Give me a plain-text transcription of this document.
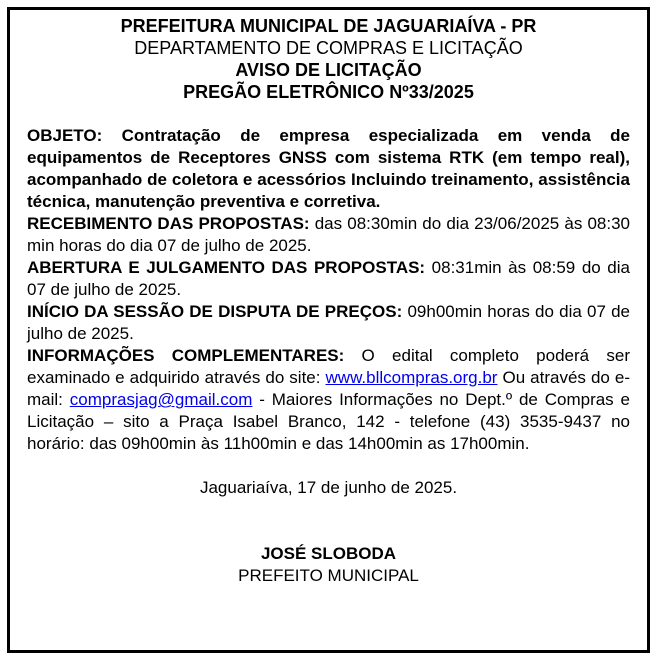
PREFEITURA MUNICIPAL DE JAGUARIAÍVA - PR
DEPARTAMENTO DE COMPRAS E LICITAÇÃO
AVISO DE LICITAÇÃO
PREGÃO ELETRÔNICO Nº33/2025
OBJETO: Contratação de empresa especializada em venda de equipamentos de Receptores GNSS com sistema RTK (em tempo real), acompanhado de coletora e acessórios Incluindo treinamento, assistência técnica, manutenção preventiva e corretiva.
RECEBIMENTO DAS PROPOSTAS: das 08:30min do dia 23/06/2025 às 08:30 min horas do dia 07 de julho de 2025.
ABERTURA E JULGAMENTO DAS PROPOSTAS: 08:31min às 08:59 do dia 07 de julho de 2025.
INÍCIO DA SESSÃO DE DISPUTA DE PREÇOS: 09h00min horas do dia 07 de julho de 2025.
INFORMAÇÕES COMPLEMENTARES: O edital completo poderá ser examinado e adquirido através do site: www.bllcompras.org.br Ou através do e-mail: comprasjag@gmail.com - Maiores Informações no Dept.º de Compras e Licitação – sito a Praça Isabel Branco, 142 - telefone (43) 3535-9437 no horário: das 09h00min às 11h00min e das 14h00min as 17h00min.
Jaguariaíva, 17 de junho de 2025.
JOSÉ SLOBODA
PREFEITO MUNICIPAL
